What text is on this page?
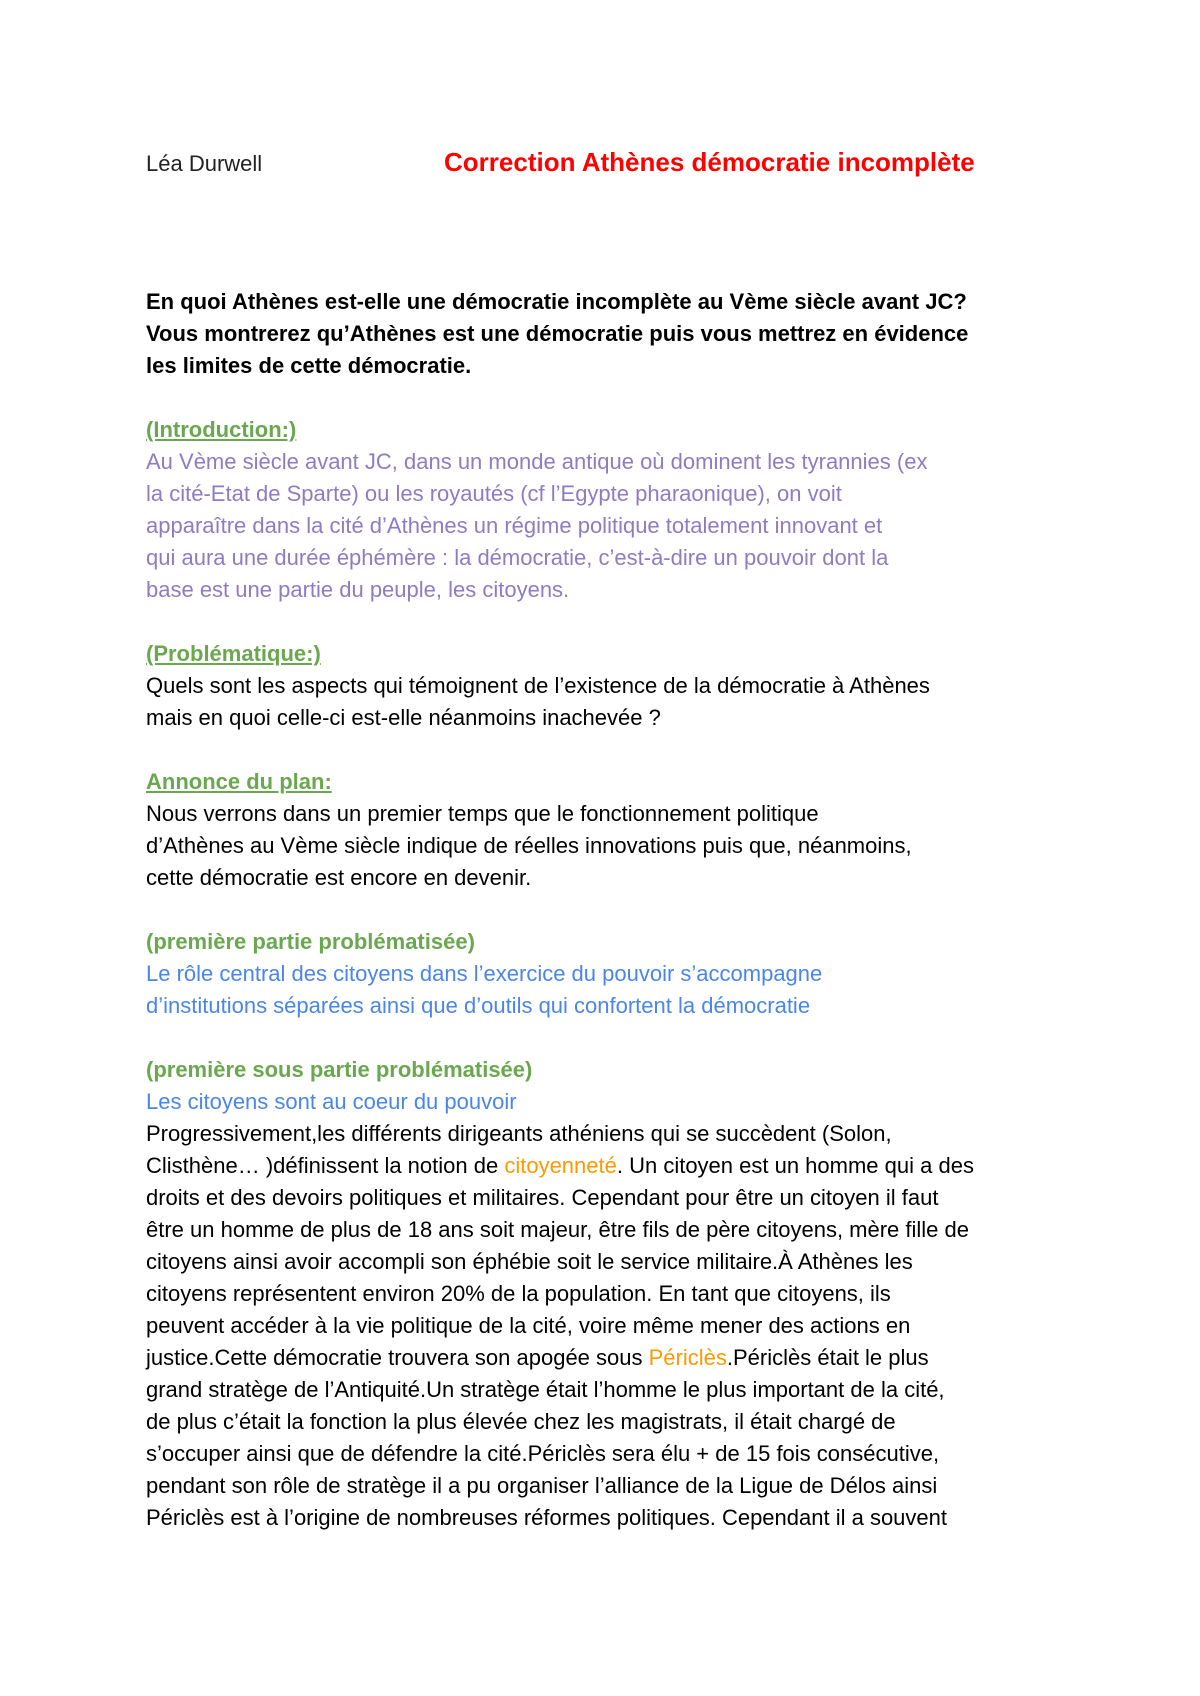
Léa Durwell	Correction Athènes démocratie incomplète
En quoi Athènes est-elle une démocratie incomplète au Vème siècle avant JC?
Vous montrerez qu’Athènes est une démocratie puis vous mettrez en évidence
les limites de cette démocratie.

(Introduction:)

Au Vème siècle avant JC, dans un monde antique où dominent les tyrannies (ex
la cité-Etat de Sparte) ou les royautés (cf l’Egypte pharaonique), on voit
apparaître dans la cité d’Athènes un régime politique totalement innovant et
qui aura une durée éphémère : la démocratie, c’est-à-dire un pouvoir dont la
base est une partie du peuple, les citoyens.

(Problématique:)

Quels sont les aspects qui témoignent de l’existence de la démocratie à Athènes
mais en quoi celle-ci est-elle néanmoins inachevée ?

Annonce du plan:

Nous verrons dans un premier temps que le fonctionnement politique
d’Athènes au Vème siècle indique de réelles innovations puis que, néanmoins,
cette démocratie est encore en devenir.

(première partie problématisée)

Le rôle central des citoyens dans l’exercice du pouvoir s’accompagne
d’institutions séparées ainsi que d’outils qui confortent la démocratie

(première sous partie problématisée)

Les citoyens sont au coeur du pouvoir
Progressivement,les différents dirigeants athéniens qui se succèdent (Solon,
Clisthène… )définissent la notion de citoyenneté. Un citoyen est un homme qui a des
droits et des devoirs politiques et militaires. Cependant pour être un citoyen il faut
être un homme de plus de 18 ans soit majeur, être fils de père citoyens, mère fille de
citoyens ainsi avoir accompli son éphébie soit le service militaire.À Athènes les
citoyens représentent environ 20% de la population. En tant que citoyens, ils
peuvent accéder à la vie politique de la cité, voire même mener des actions en
justice.Cette démocratie trouvera son apogée sous Périclès.Périclès était le plus
grand stratège de l’Antiquité.Un stratège était l’homme le plus important de la cité,
de plus c’était la fonction la plus élevée chez les magistrats, il était chargé de
s’occuper ainsi que de défendre la cité.Périclès sera élu + de 15 fois consécutive,
pendant son rôle de stratège il a pu organiser l’alliance de la Ligue de Délos ainsi
Périclès est à l’origine de nombreuses réformes politiques. Cependant il a souvent
